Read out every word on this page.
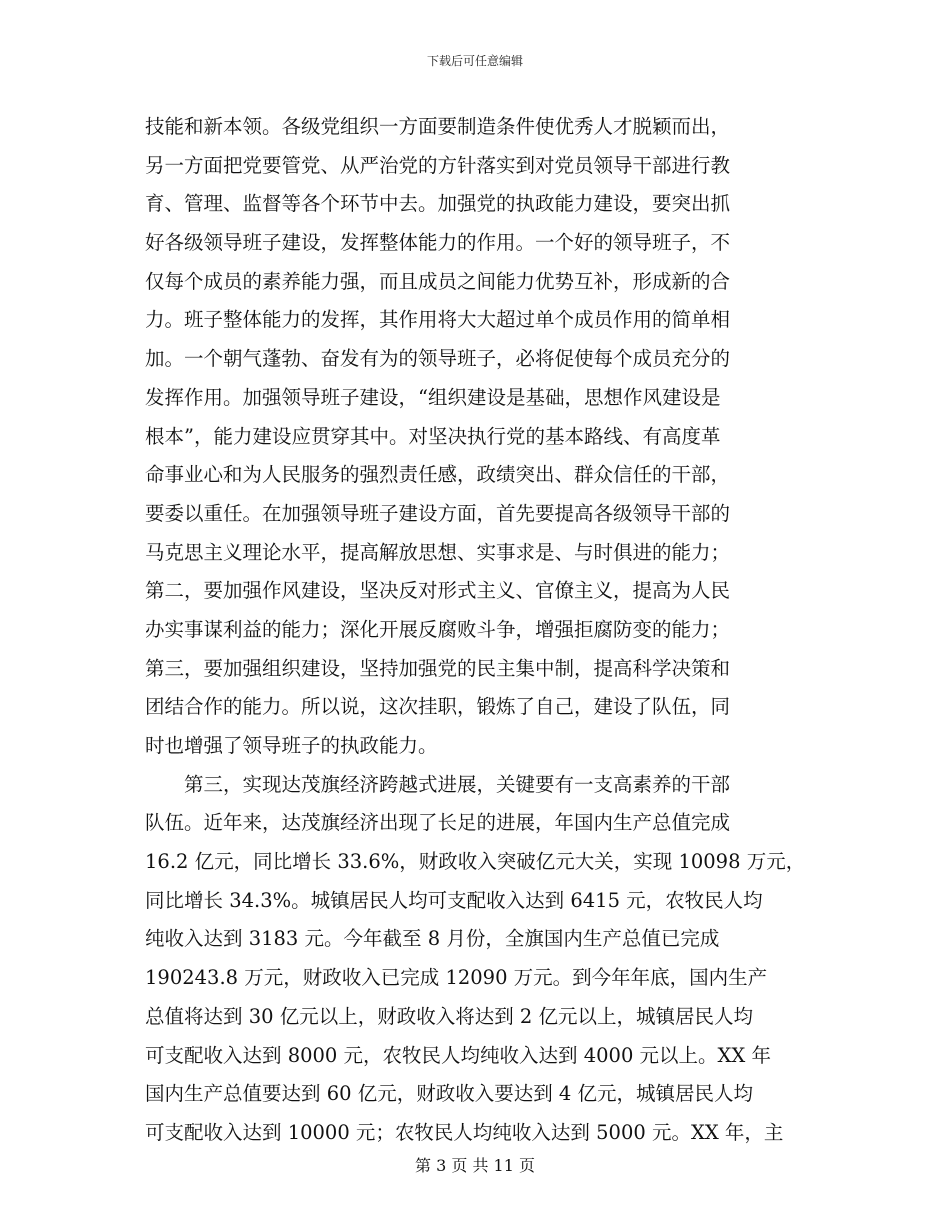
下载后可任意编辑
技能和新本领。各级党组织一方面要制造条件使优秀人才脱颖而出，
另一方面把党要管党、从严治党的方针落实到对党员领导干部进行教
育、管理、监督等各个环节中去。加强党的执政能力建设，要突出抓
好各级领导班子建设，发挥整体能力的作用。一个好的领导班子，不
仅每个成员的素养能力强，而且成员之间能力优势互补，形成新的合
力。班子整体能力的发挥，其作用将大大超过单个成员作用的简单相
加。一个朝气蓬勃、奋发有为的领导班子，必将促使每个成员充分的
发挥作用。加强领导班子建设，“组织建设是基础，思想作风建设是
根本”，能力建设应贯穿其中。对坚决执行党的基本路线、有高度革
命事业心和为人民服务的强烈责任感，政绩突出、群众信任的干部，
要委以重任。在加强领导班子建设方面，首先要提高各级领导干部的
马克思主义理论水平，提高解放思想、实事求是、与时俱进的能力；
第二，要加强作风建设，坚决反对形式主义、官僚主义，提高为人民
办实事谋利益的能力；深化开展反腐败斗争，增强拒腐防变的能力；
第三，要加强组织建设，坚持加强党的民主集中制，提高科学决策和
团结合作的能力。所以说，这次挂职，锻炼了自己，建设了队伍，同
时也增强了领导班子的执政能力。
第三，实现达茂旗经济跨越式进展，关键要有一支高素养的干部
队伍。近年来，达茂旗经济出现了长足的进展，年国内生产总值完成
16.2 亿元，同比增长 33.6%，财政收入突破亿元大关，实现 10098 万元，
同比增长 34.3%。城镇居民人均可支配收入达到 6415 元，农牧民人均
纯收入达到 3183 元。今年截至 8 月份，全旗国内生产总值已完成
190243.8 万元，财政收入已完成 12090 万元。到今年年底，国内生产
总值将达到 30 亿元以上，财政收入将达到 2 亿元以上，城镇居民人均
可支配收入达到 8000 元，农牧民人均纯收入达到 4000 元以上。XX 年
国内生产总值要达到 60 亿元，财政收入要达到 4 亿元，城镇居民人均
可支配收入达到 10000 元；农牧民人均纯收入达到 5000 元。XX 年，主
第 3 页 共 11 页
